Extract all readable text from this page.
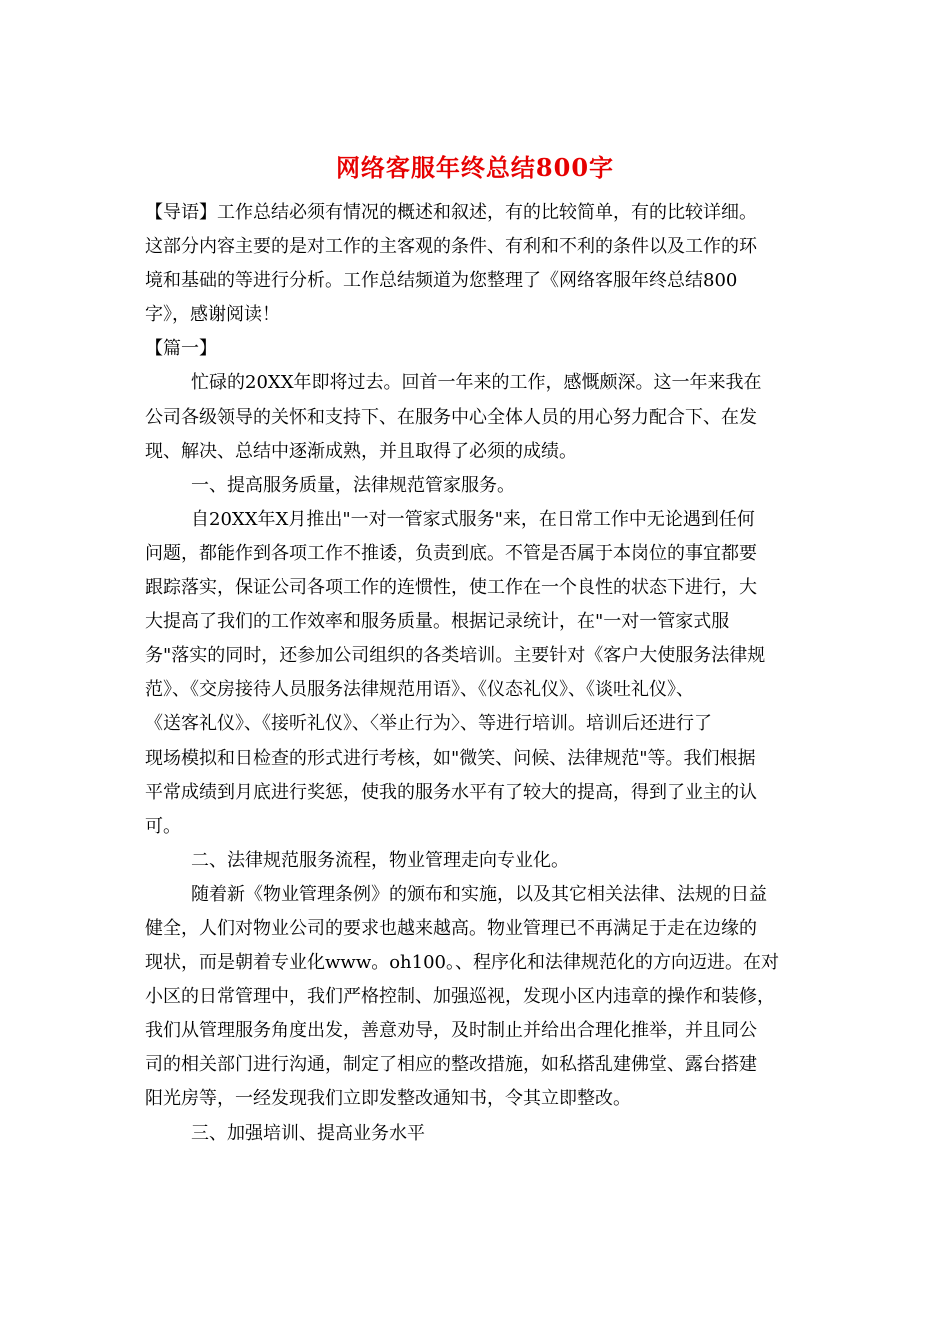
网络客服年终总结800字
【导语】工作总结必须有情况的概述和叙述，有的比较简单，有的比较详细。
这部分内容主要的是对工作的主客观的条件、有利和不利的条件以及工作的环
境和基础的等进行分析。工作总结频道为您整理了《网络客服年终总结800
字》，感谢阅读！
【篇一】
忙碌的20XX年即将过去。回首一年来的工作，感慨颇深。这一年来我在
公司各级领导的关怀和支持下、在服务中心全体人员的用心努力配合下、在发
现、解决、总结中逐渐成熟，并且取得了必须的成绩。
一、提高服务质量，法律规范管家服务。
自20XX年X月推出"一对一管家式服务"来，在日常工作中无论遇到任何
问题，都能作到各项工作不推诿，负责到底。不管是否属于本岗位的事宜都要
跟踪落实，保证公司各项工作的连惯性，使工作在一个良性的状态下进行，大
大提高了我们的工作效率和服务质量。根据记录统计，在"一对一管家式服
务"落实的同时，还参加公司组织的各类培训。主要针对《客户大使服务法律规
范》、《交房接待人员服务法律规范用语》、《仪态礼仪》、《谈吐礼仪》、
《送客礼仪》、《接听礼仪》、〈举止行为〉、等进行培训。培训后还进行了
现场模拟和日检查的形式进行考核，如"微笑、问候、法律规范"等。我们根据
平常成绩到月底进行奖惩，使我的服务水平有了较大的提高，得到了业主的认
可。
二、法律规范服务流程，物业管理走向专业化。
随着新《物业管理条例》的颁布和实施，以及其它相关法律、法规的日益
健全，人们对物业公司的要求也越来越高。物业管理已不再满足于走在边缘的
现状，而是朝着专业化www。oh100。、程序化和法律规范化的方向迈进。在对
小区的日常管理中，我们严格控制、加强巡视，发现小区内违章的操作和装修，
我们从管理服务角度出发，善意劝导，及时制止并给出合理化推举，并且同公
司的相关部门进行沟通，制定了相应的整改措施，如私搭乱建佛堂、露台搭建
阳光房等，一经发现我们立即发整改通知书，令其立即整改。
三、加强培训、提高业务水平
